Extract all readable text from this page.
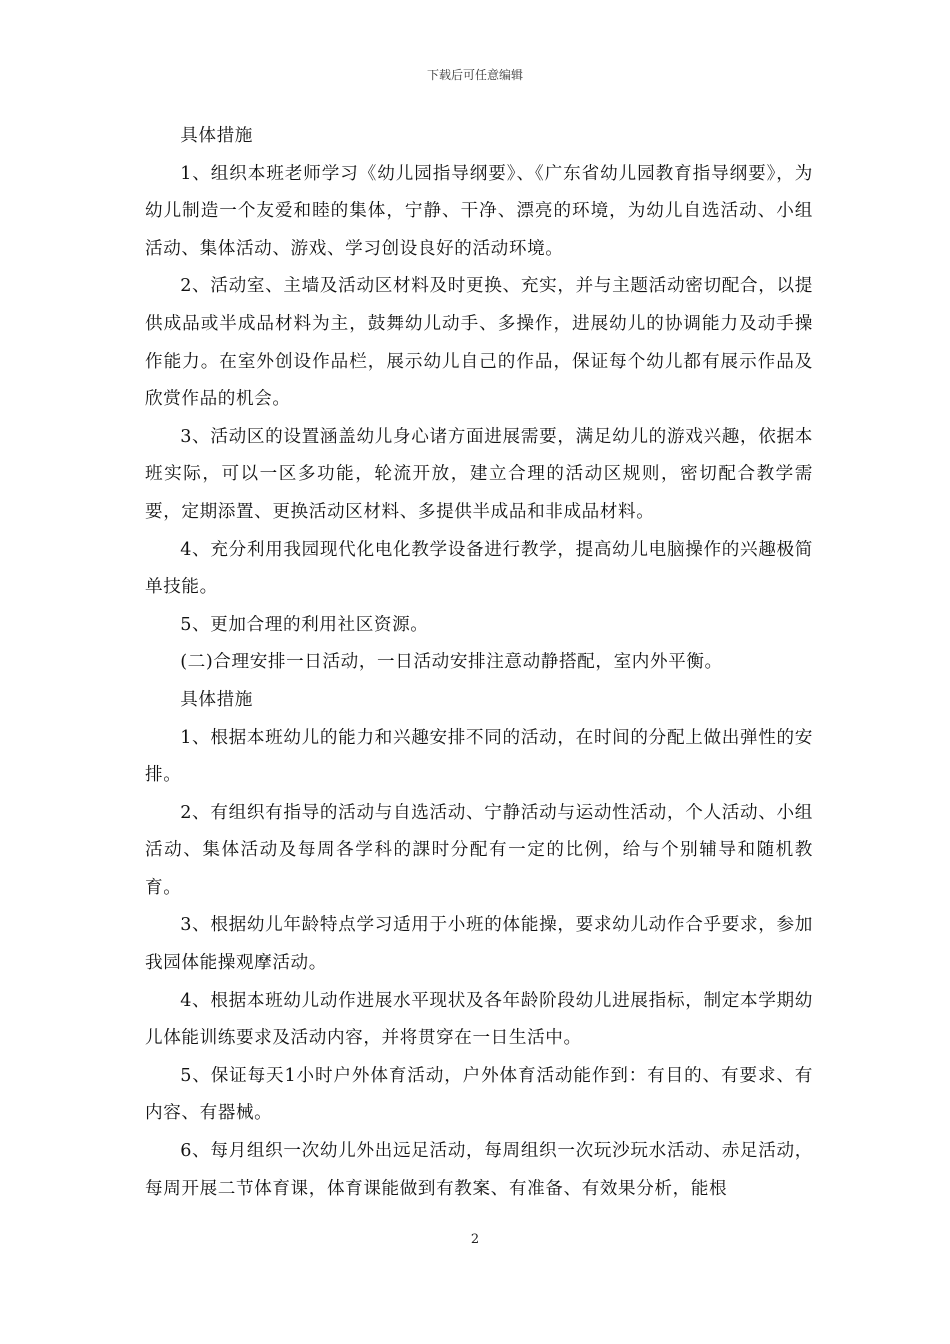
下载后可任意编辑

具体措施

1、组织本班老师学习《幼儿园指导纲要》、《广东省幼儿园教育指导纲要》，为幼儿制造一个友爱和睦的集体，宁静、干净、漂亮的环境，为幼儿自选活动、小组活动、集体活动、游戏、学习创设良好的活动环境。

2、活动室、主墙及活动区材料及时更换、充实，并与主题活动密切配合，以提供成品或半成品材料为主，鼓舞幼儿动手、多操作，进展幼儿的协调能力及动手操作能力。在室外创设作品栏，展示幼儿自己的作品，保证每个幼儿都有展示作品及欣赏作品的机会。

3、活动区的设置涵盖幼儿身心诸方面进展需要，满足幼儿的游戏兴趣，依据本班实际，可以一区多功能，轮流开放，建立合理的活动区规则，密切配合教学需要，定期添置、更换活动区材料、多提供半成品和非成品材料。

4、充分利用我园现代化电化教学设备进行教学，提高幼儿电脑操作的兴趣极简单技能。

5、更加合理的利用社区资源。

(二)合理安排一日活动，一日活动安排注意动静搭配，室内外平衡。

具体措施

1、根据本班幼儿的能力和兴趣安排不同的活动，在时间的分配上做出弹性的安排。

2、有组织有指导的活动与自选活动、宁静活动与运动性活动，个人活动、小组活动、集体活动及每周各学科的課时分配有一定的比例，给与个别辅导和随机教育。

3、根据幼儿年龄特点学习适用于小班的体能操，要求幼儿动作合乎要求，参加我园体能操观摩活动。

4、根据本班幼儿动作进展水平现状及各年龄阶段幼儿进展指标，制定本学期幼儿体能训练要求及活动内容，并将贯穿在一日生活中。

5、保证每天1小时户外体育活动，户外体育活动能作到：有目的、有要求、有内容、有器械。

6、每月组织一次幼儿外出远足活动，每周组织一次玩沙玩水活动、赤足活动，每周开展二节体育课，体育课能做到有教案、有准备、有效果分析，能根

2
